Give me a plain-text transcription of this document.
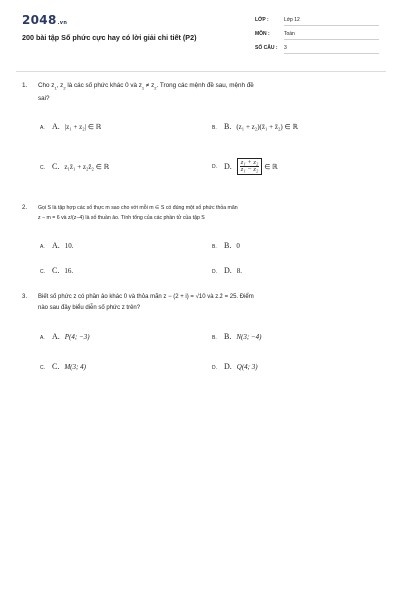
2048.vn
200 bài tập Số phức cực hay có lời giải chi tiết (P2)
LỚP :	Lớp 12
MÔN :	Toán
SỐ CÂU : 3
1. Cho $z_1$, $z_2$ là các số phức khác 0 và $z_1 \ne z_2$. Trong các mệnh đề sau, mệnh đề
sai?
A. A. |z₁ + z₂| ∈ ℝ	B. B. (z₁ + z₂)(z̄₁ + z̄₂) ∈ ℝ
C. C. z₁z̄₁ + z₂z̄₂ ∈ ℝ	D. D. $\frac{\text{z₁ + z₂}}{\text{z₁ − z₂}}$ ∈ ℝ
2. Gọi S là tập hợp các số thực m sao cho với mỗi m ∈ S có đúng một số phức thỏa mãn
z − m = 6 và z/(z−4) là số thuần ảo. Tính tổng của các phần tử của tập S
A. A. 10.	B. B. 0
C. C. 16.	D. D. 8.
3. Biết số phức z có phần ảo khác 0 và thỏa mãn z − (2 + i) = √10 và z.z̄ = 25. Điểm
nào sau đây biểu diễn số phức z trên?
A. A. P(4; −3)	B. B. N(3; −4)
C. C. M(3; 4)	D. D. Q(4; 3)
